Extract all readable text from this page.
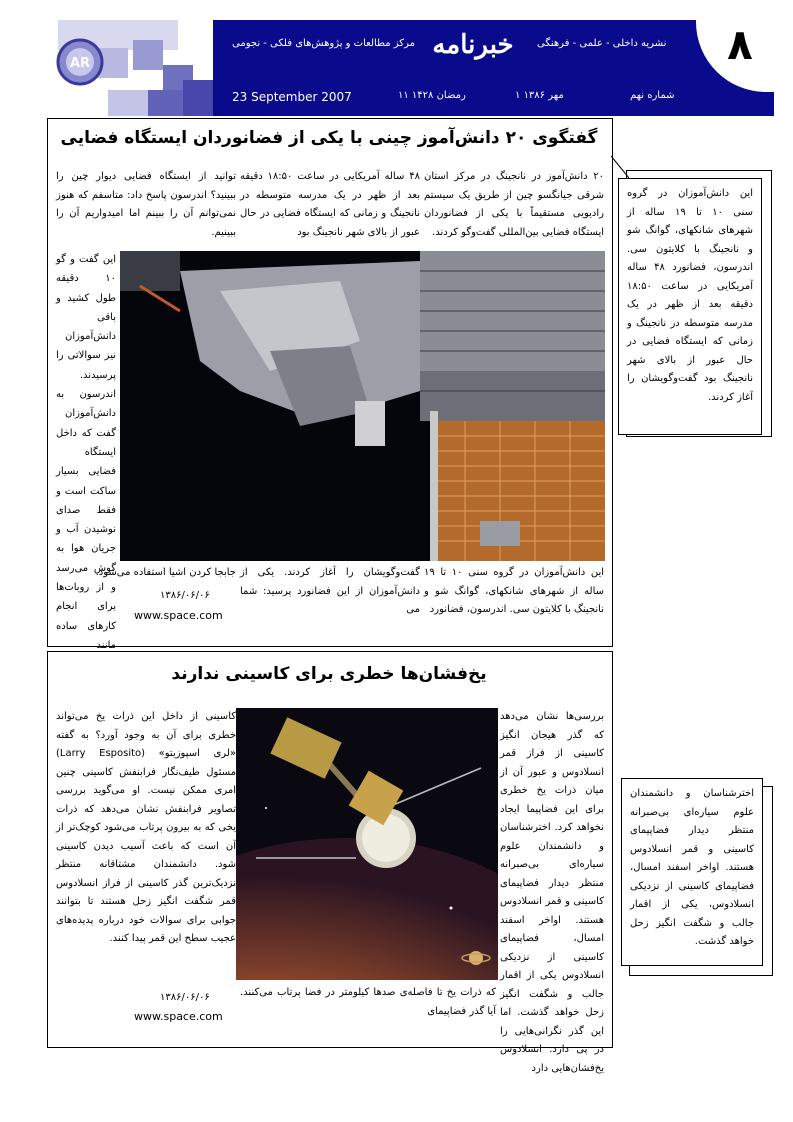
AR	۸
خبرنامه
مرکز مطالعات و پژوهش‌های فلکی - نجومی	نشریه داخلی - علمی - فرهنگی
23 September 2007	۱۱ رمضان ۱۴۲۸	۱ مهر ۱۳۸۶	شماره نهم
گفتگوی ۲۰ دانش‌آموز چینی با یکی از فضانوردان ایستگاه فضایی
۲۰ دانش‌آموز در نانجینگ در مرکز استان شرقی جیانگسو چین از طریق یک سیستم رادیویی مستقیماً با یکی از فضانوردان ایستگاه فضایی بین‌المللی گفت‌وگو کردند.
۴۸ ساله آمریکایی در ساعت ۱۸:۵۰ دقیقه بعد از ظهر در یک مدرسه متوسطه در نانجینگ و زمانی که ایستگاه فضایی در حال عبور از بالای شهر نانجینگ بود
توانید از ایستگاه فضایی دیوار چین را ببینید؟ اندرسون پاسخ داد: متاسفم که هنوز نمی‌توانم آن را ببینم اما امیدواریم آن را ببینیم.
این گفت و گو ۱۰ دقیقه طول کشید و باقی دانش‌آموزان نیز سوالاتی را پرسیدند. اندرسون به دانش‌آموزان گفت که داخل ایستگاه فضایی بسیار ساکت است و فقط صدای نوشیدن آب و جریان هوا به گوش می‌رسد و از روبات‌ها برای انجام کارهای ساده مانند
این دانش‌آموزان در گروه سنی ۱۰ تا ۱۹ ساله از شهرهای شانکهای، گوانگ شو و نانجینگ با کلایتون سی. اندرسون، فضانورد
گفت‌وگویشان را آغاز کردند. یکی از دانش‌آموزان از این فضانورد پرسید: شما می
جابجا کردن اشیا استفاده می‌شود.
۱۳۸۶/۰۶/۰۶
www.space.com
این دانش‌آموزان در گروه سنی ۱۰ تا ۱۹ ساله از شهرهای شانکهای، گوانگ شو و نانجینگ با کلایتون سی. اندرسون، فضانورد ۴۸ ساله آمریکایی در ساعت ۱۸:۵۰ دقیقه بعد از ظهر در یک مدرسه متوسطه در نانجینگ و زمانی که ایستگاه فضایی در حال عبور از بالای شهر نانجینگ بود گفت‌وگویشان را آغاز کردند.
یخ‌فشان‌ها خطری برای کاسینی ندارند
بررسی‌ها نشان می‌دهد که گذر هیجان انگیز کاسینی از فراز قمر انسلادوس و عبور آن از میان ذرات یخ خطری برای این فضاپیما ایجاد نخواهد کرد. اخترشناسان و دانشمندان علوم سیاره‌ای بی‌صبرانه منتظر دیدار فضاپیمای کاسینی و قمر انسلادوس هستند. اواخر اسفند امسال، فضاپیمای کاسینی از نزدیکی انسلادوس یکی از اقمار جالب و شگفت انگیز زحل خواهد گذشت. اما این گذر نگرانی‌هایی را در پی دارد. انسلادوس یخ‌فشان‌هایی دارد
کاسینی از داخل این ذرات یخ می‌تواند خطری برای آن به وجود آورد؟ به گفته «لری اسپوزیتو» (Larry Esposito) مسئول طیف‌نگار فرابنفش کاسینی چنین امری ممکن نیست. او می‌گوید بررسی تصاویر فرابنفش نشان می‌دهد که ذرات یخی که به بیرون پرتاب می‌شود کوچک‌تر از آن است که باعث آسیب دیدن کاسینی شود. دانشمندان مشتاقانه منتظر نزدیک‌ترین گذر کاسینی از فراز انسلادوس قمر شگفت انگیز زحل هستند تا بتوانند جوابی برای سوالات خود درباره پدیده‌های عجیب سطح این قمر پیدا کنند.
۱۳۸۶/۰۶/۰۶
www.space.com
که ذرات یخ تا فاصله‌ی صدها کیلومتر در فضا پرتاب می‌کنند. آیا گذر فضاپیمای
اخترشناسان و دانشمندان علوم سیاره‌ای بی‌صبرانه منتظر دیدار فضاپیمای کاسینی و قمر انسلادوس هستند. اواخر اسفند امسال، فضاپیمای کاسینی از نزدیکی انسلادوس، یکی از اقمار جالب و شگفت انگیز زحل خواهد گذشت.
